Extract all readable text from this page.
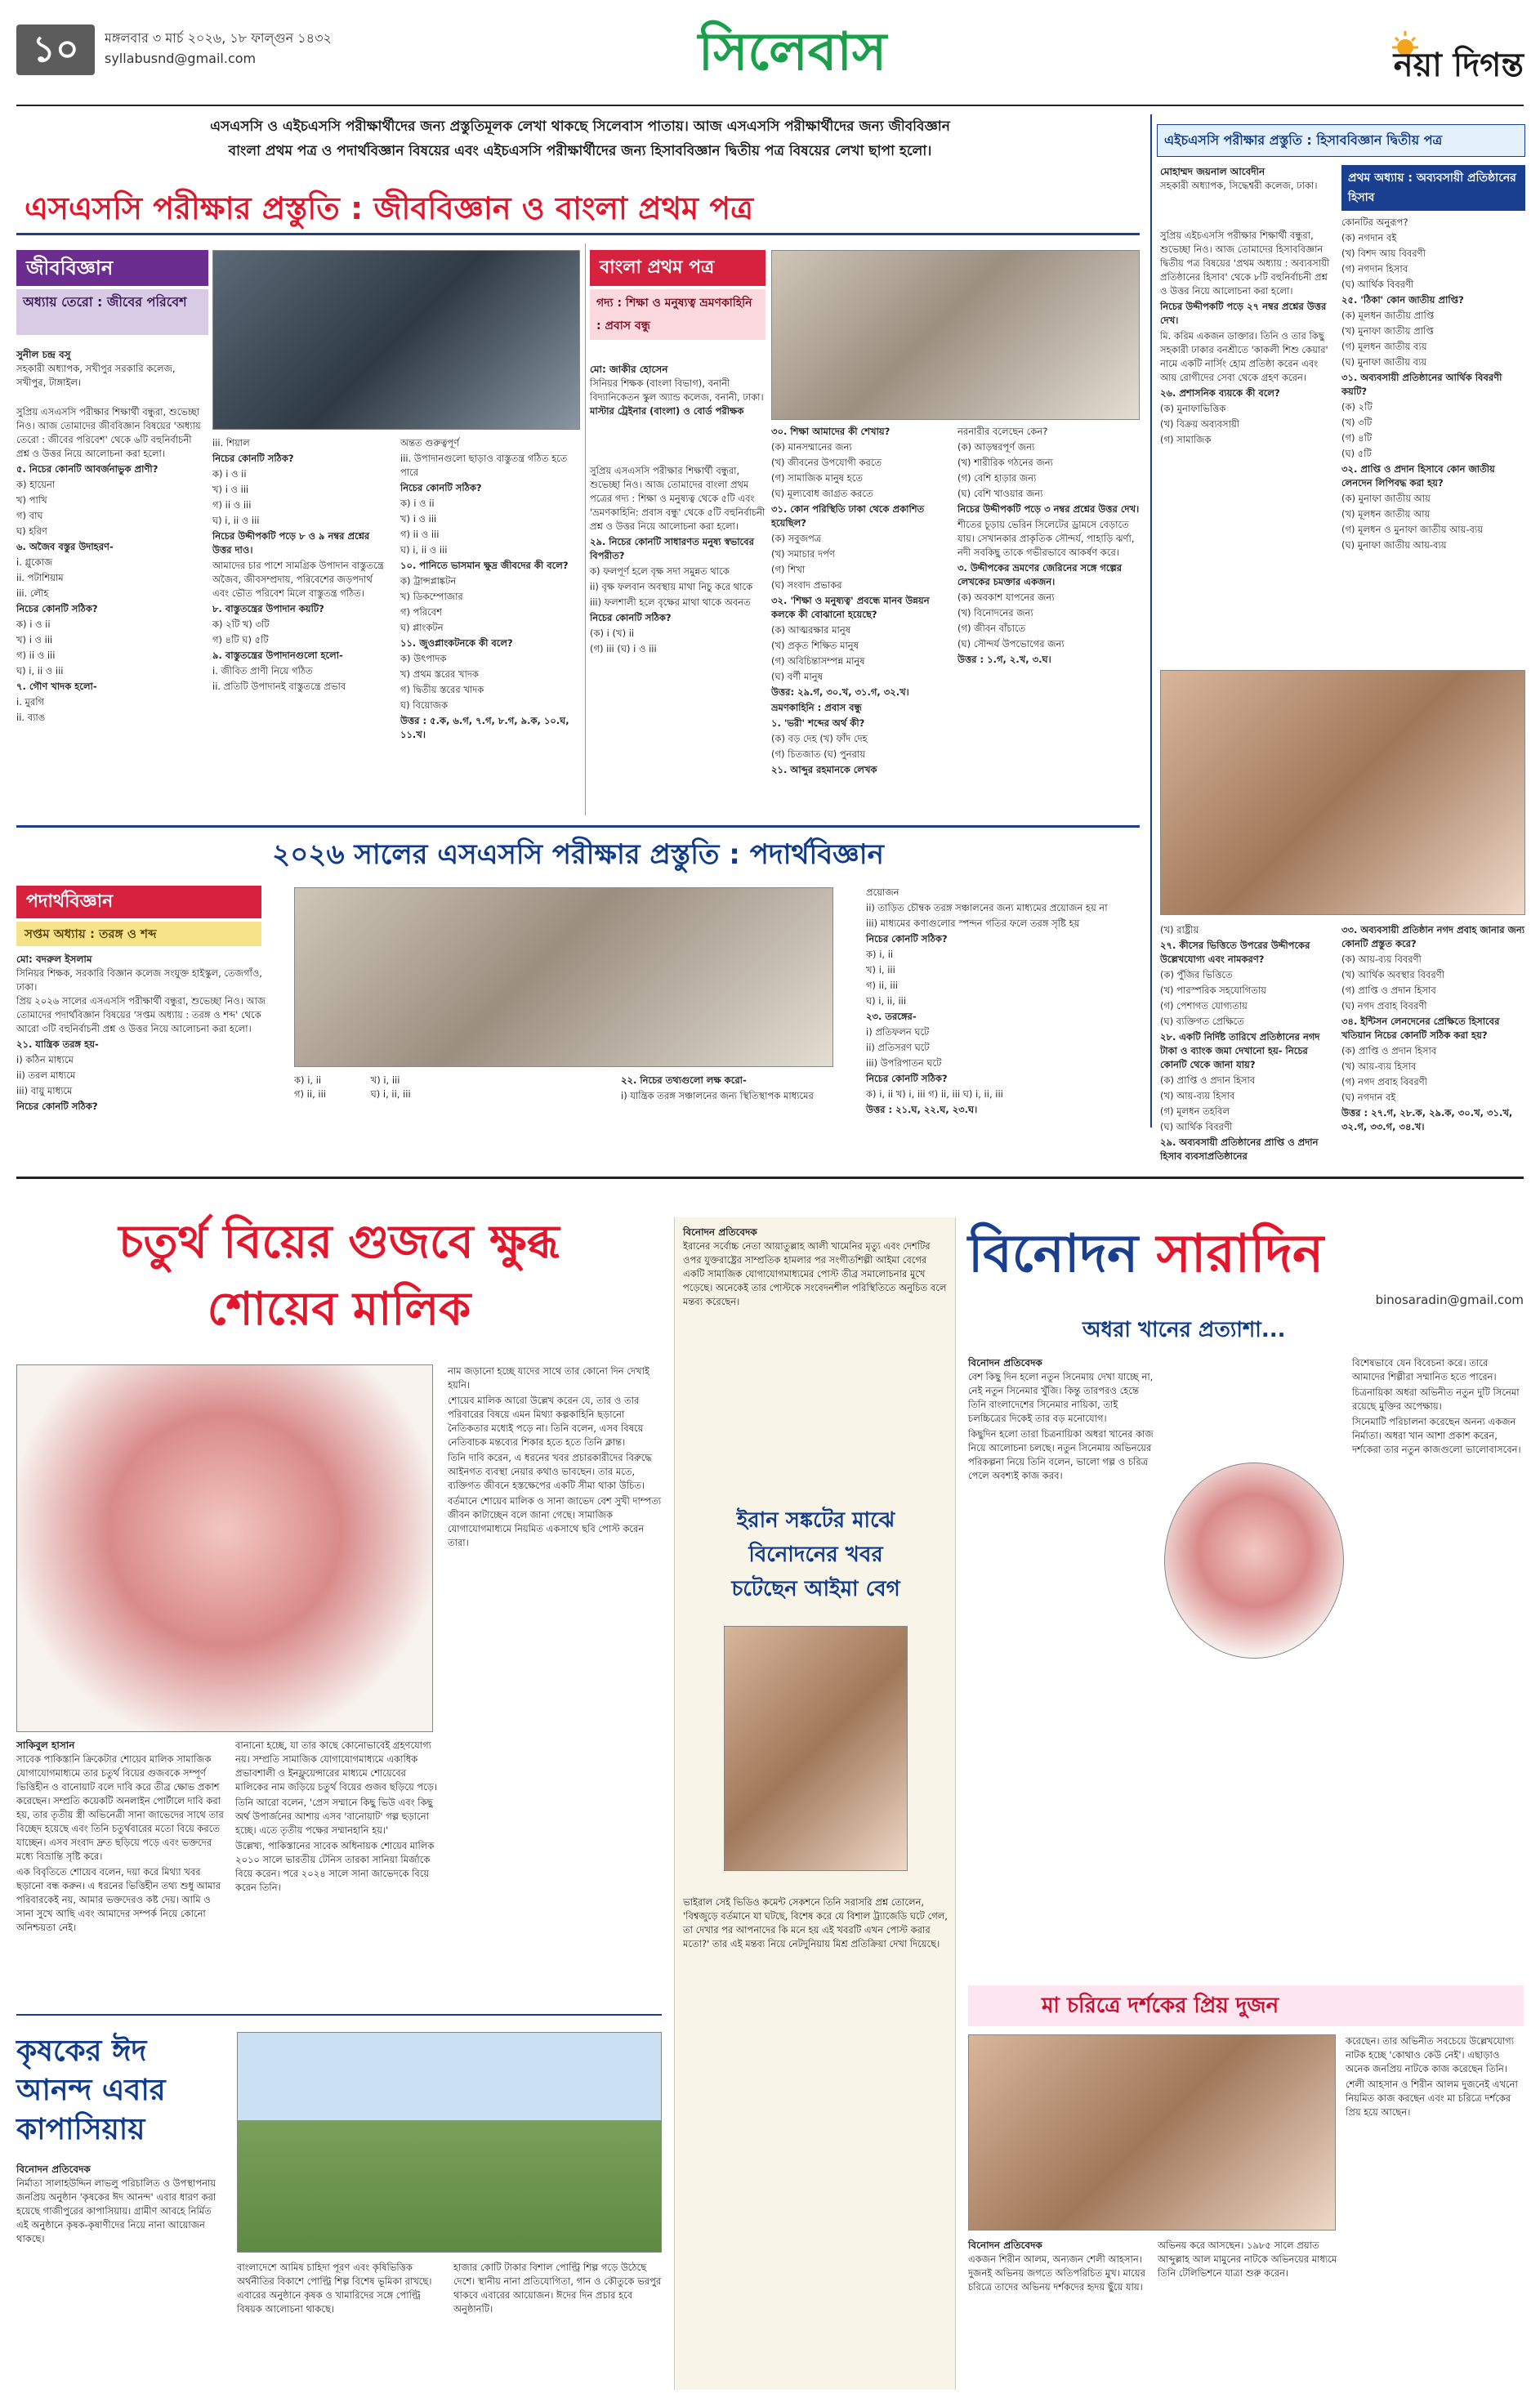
১০	মঙ্গলবার ৩ মার্চ ২০২৬, ১৮ ফাল্গুন ১৪৩২
syllabusnd@gmail.com	সিলেবাস	নয়া দিগন্ত
এসএসসি ও এইচএসসি পরীক্ষার্থীদের জন্য প্রস্তুতিমূলক লেখা থাকছে সিলেবাস পাতায়। আজ এসএসসি পরীক্ষার্থীদের জন্য জীববিজ্ঞান
বাংলা প্রথম পত্র ও পদার্থবিজ্ঞান বিষয়ের এবং এইচএসসি পরীক্ষার্থীদের জন্য হিসাববিজ্ঞান দ্বিতীয় পত্র বিষয়ের লেখা ছাপা হলো।
এসএসসি পরীক্ষার প্রস্তুতি : জীববিজ্ঞান ও বাংলা প্রথম পত্র
জীববিজ্ঞান
অধ্যায় তেরো : জীবের পরিবেশ
সুনীল চন্দ্র বসু
সহকারী অধ্যাপক, সখীপুর সরকারি কলেজ, সখীপুর, টাঙ্গাইল।

সুপ্রিয় এসএসসি পরীক্ষার শিক্ষার্থী বন্ধুরা, শুভেচ্ছা নিও। আজ তোমাদের জীববিজ্ঞান বিষয়ের 'অধ্যায় তেরো : জীবের পরিবেশ' থেকে ৬টি বহুনির্বাচনী প্রশ্ন ও উত্তর নিয়ে আলোচনা করা হলো।

৫. নিচের কোনটি আবর্জনাভুক প্রাণী?

ক) হায়েনা

খ) পাখি

গ) বাঘ

ঘ) হরিণ

৬. অজৈব বস্তুর উদাহরণ-

i. গ্লুকোজ

ii. পটাশিয়াম

iii. লৌহ

নিচের কোনটি সঠিক?

ক) i ও ii

খ) i ও iii

গ) ii ও iii

ঘ) i, ii ও iii

৭. গৌণ খাদক হলো-

i. মুরগি

ii. ব্যাঙ

iii. শিয়াল

নিচের কোনটি সঠিক?

ক) i ও ii

খ) i ও iii

গ) ii ও iii

ঘ) i, ii ও iii

নিচের উদ্দীপকটি পড়ে ৮ ও ৯ নম্বর প্রশ্নের উত্তর দাও।

আমাদের চার পাশে সামগ্রিক উপাদান বাস্তুতন্ত্রে অজৈব, জীবসম্প্রদায়, পরিবেশের জড়পদার্থ এবং ভৌত পরিবেশ মিলে বাস্তুতন্ত্র গঠিত।

৮. বাস্তুতন্ত্রের উপাদান কয়টি?

ক) ২টি খ) ৩টি

গ) ৪টি ঘ) ৫টি

৯. বাস্তুতন্ত্রের উপাদানগুলো হলো-

i. জীবিত প্রাণী নিয়ে গঠিত

ii. প্রতিটি উপাদানই বাস্তুতন্ত্রে প্রভাব

অন্তত গুরুত্বপূর্ণ

iii. উপাদানগুলো ছাড়াও বাস্তুতন্ত্র গঠিত হতে পারে

নিচের কোনটি সঠিক?

ক) i ও ii

খ) i ও iii

গ) ii ও iii

ঘ) i, ii ও iii

১০. পানিতে ভাসমান ক্ষুদ্র জীবদের কী বলে?

ক) ট্রান্সপ্লাঙ্কটন

খ) ডিকম্পোজার

গ) পরিবেশ

ঘ) প্লাংকটন

১১. জুওপ্লাংকটনকে কী বলে?

ক) উৎপাদক

খ) প্রথম স্তরের খাদক

গ) দ্বিতীয় স্তরের খাদক

ঘ) বিয়োজক

উত্তর : ৫.ক, ৬.গ, ৭.গ, ৮.গ, ৯.ক, ১০.ঘ, ১১.খ।

বাংলা প্রথম পত্র
গদ্য : শিক্ষা ও মনুষ্যত্ব ভ্রমণকাহিনি : প্রবাস বন্ধু
মো: জাকীর হোসেন
সিনিয়র শিক্ষক (বাংলা বিভাগ), বনানী বিদ্যানিকেতন স্কুল অ্যান্ড কলেজ, বনানী, ঢাকা।
মাস্টার ট্রেইনার (বাংলা) ও বোর্ড পরীক্ষক

সুপ্রিয় এসএসসি পরীক্ষার শিক্ষার্থী বন্ধুরা, শুভেচ্ছা নিও। আজ তোমাদের বাংলা প্রথম পত্রের গদ্য : শিক্ষা ও মনুষ্যত্ব থেকে ৫টি এবং 'ভ্রমণকাহিনি: প্রবাস বন্ধু' থেকে ৫টি বহুনির্বাচনী প্রশ্ন ও উত্তর নিয়ে আলোচনা করা হলো।

২৯. নিচের কোনটি সাধারণত মনুষ্য স্বভাবের বিপরীত?

ক) ফলপূর্ণ হলে বৃক্ষ সদা সমুন্নত থাকে

ii) বৃক্ষ ফলবান অবস্থায় মাথা নিচু করে থাকে

iii) ফলশালী হলে বৃক্ষের মাথা থাকে অবনত

নিচের কোনটি সঠিক?

(ক) i (খ) ii

(গ) iii (ঘ) i ও iii

৩০. শিক্ষা আমাদের কী শেখায়?

(ক) মানসম্মানের জন্য

(খ) জীবনের উপযোগী করতে

(গ) সামাজিক মানুষ হতে

(ঘ) মূল্যবোধ জাগ্রত করতে

৩১. কোন পরিস্থিতি ঢাকা থেকে প্রকাশিত হয়েছিল?

(ক) সবুজপত্র

(খ) সমাচার দর্পণ

(গ) শিখা

(ঘ) সংবাদ প্রভাকর

৩২. 'শিক্ষা ও মনুষ্যত্ব' প্রবন্ধে মানব উন্নয়ন কলকে কী বোঝানো হয়েছে?

(ক) আত্মরক্ষার মানুষ

(খ) প্রকৃত শিক্ষিত মানুষ

(গ) অবিচিন্তাসম্পন্ন মানুষ

(ঘ) বর্ণী মানুষ

উত্তর: ২৯.গ, ৩০.খ, ৩১.গ, ৩২.খ।

ভ্রমণকাহিনি : প্রবাস বন্ধু

১. 'ভরী' শব্দের অর্থ কী?

(ক) বড় দেহ (খ) ফাঁদ দেহ

(গ) চিতজাত (ঘ) পুনরায়

২১. আব্দুর রহমানকে লেখক

নরনারীর বলেছেন কেন?

(ক) আড়ম্বরপূর্ণ জন্য

(খ) শারীরিক গঠনের জন্য

(গ) বেশি হাড়ার জন্য

(ঘ) বেশি খাওয়ার জন্য

নিচের উদ্দীপকটি পড়ে ৩ নম্বর প্রশ্নের উত্তর দেখ।

শীতের চূড়ায় ভেরিন সিলেটের ড্রামসে বেড়াতে যায়। সেখানকার প্রাকৃতিক সৌন্দর্য, পাহাড়ি ঝর্ণা, নদী সবকিছু তাকে গভীরভাবে আকর্ষণ করে।

৩. উদ্দীপকের ভ্রমণের জেরিনের সঙ্গে গল্পের লেখকের চমক্তার একজন।

(ক) অবকাশ যাপনের জন্য

(খ) বিনোদনের জন্য

(গ) জীবন বাঁচাতে

(ঘ) সৌন্দর্য উপভোগের জন্য

উত্তর : ১.গ, ২.খ, ৩.ঘ।

এইচএসসি পরীক্ষার প্রস্তুতি : হিসাববিজ্ঞান দ্বিতীয় পত্র
মোহাম্মদ জয়নাল আবেদীন
সহকারী অধ্যাপক, সিদ্ধেশ্বরী কলেজ, ঢাকা।
প্রথম অধ্যায় : অব্যবসায়ী প্রতিষ্ঠানের হিসাব

সুপ্রিয় এইচএসসি পরীক্ষার শিক্ষার্থী বন্ধুরা, শুভেচ্ছা নিও। আজ তোমাদের হিসাববিজ্ঞান দ্বিতীয় পত্র বিষয়ের 'প্রথম অধ্যায় : অব্যবসায়ী প্রতিষ্ঠানের হিসাব' থেকে ৮টি বহুনির্বাচনী প্রশ্ন ও উত্তর নিয়ে আলোচনা করা হলো।

নিচের উদ্দীপকটি পড়ে ২৭ নম্বর প্রশ্নের উত্তর দেখ।

মি. করিম একজন ডাক্তার। তিনি ও তার কিছু সহকারী ঢাকার বনশ্রীতে 'কাকলী শিশু কেয়ার' নামে একটি নার্সিং হোম প্রতিষ্ঠা করেন এবং আয় রোগীদের সেবা থেকে গ্রহণ করেন।

২৬. প্রশাসনিক ব্যয়কে কী বলে?

(ক) মুনাফাভিত্তিক

(খ) বিক্রয় অব্যবসায়ী

(গ) সামাজিক

কোনটির অনুরূপ?

(ক) নগদান বই

(খ) বিশদ আয় বিবরণী

(গ) নগদান হিসাব

(ঘ) আর্থিক বিবরণী

২৫. 'ঠিকা' কোন জাতীয় প্রাপ্তি?

(ক) মূলধন জাতীয় প্রাপ্তি

(খ) মুনাফা জাতীয় প্রাপ্তি

(গ) মূলধন জাতীয় ব্যয়

(ঘ) মুনাফা জাতীয় ব্যয়

৩১. অব্যবসায়ী প্রতিষ্ঠানের আর্থিক বিবরণী কয়টি?

(ক) ২টি

(খ) ৩টি

(গ) ৪টি

(ঘ) ৫টি

৩২. প্রাপ্তি ও প্রদান হিসাবে কোন জাতীয় লেনদেন লিপিবদ্ধ করা হয়?

(ক) মুনাফা জাতীয় আয়

(খ) মূলধন জাতীয় আয়

(গ) মূলধন ও মুনাফা জাতীয় আয়-ব্যয়

(ঘ) মুনাফা জাতীয় আয়-ব্যয়

(খ) রাষ্ট্রীয়

২৭. কীসের ভিত্তিতে উপরের উদ্দীপকের উল্লেখযোগ্য এবং নামকরণ?

(ক) পুঁজির ভিত্তিতে

(খ) পারস্পরিক সহযোগিতায়

(গ) পেশাগত যোগ্যতায়

(ঘ) ব্যক্তিগত প্রেক্ষিতে

২৮. একটি নির্দিষ্ট তারিখে প্রতিষ্ঠানের নগদ টাকা ও ব্যাংক জমা দেখানো হয়- নিচের কোনটি থেকে জানা যায়?

(ক) প্রাপ্তি ও প্রদান হিসাব

(খ) আয়-ব্যয় হিসাব

(গ) মূলধন তহবিল

(ঘ) আর্থিক বিবরণী

২৯. অব্যবসায়ী প্রতিষ্ঠানের প্রাপ্তি ও প্রদান হিসাব ব্যবসাপ্রতিষ্ঠানের

৩৩. অব্যবসায়ী প্রতিষ্ঠান নগদ প্রবাহ জানার জন্য কোনটি প্রস্তুত করে?

(ক) আয়-ব্যয় বিবরণী

(খ) আর্থিক অবস্থার বিবরণী

(গ) প্রাপ্তি ও প্রদান হিসাব

(ঘ) নগদ প্রবাহ বিবরণী

৩৪. ইন্টিসন লেনদেনের প্রেক্ষিতে হিসাবের খতিয়ান নিচের কোনটি সঠিক করা হয়?

(ক) প্রাপ্তি ও প্রদান হিসাব

(খ) আয়-ব্যয় হিসাব

(গ) নগদ প্রবাহ বিবরণী

(ঘ) নগদান বই

উত্তর : ২৭.গ, ২৮.ক, ২৯.ক, ৩০.খ, ৩১.খ, ৩২.গ, ৩৩.গ, ৩৪.খ।

২০২৬ সালের এসএসসি পরীক্ষার প্রস্তুতি : পদার্থবিজ্ঞান
পদার্থবিজ্ঞান
সপ্তম অধ্যায় : তরঙ্গ ও শব্দ
মো: বদরুল ইসলাম
সিনিয়র শিক্ষক, সরকারি বিজ্ঞান কলেজ সংযুক্ত হাইস্কুল, তেজগাঁও, ঢাকা।

প্রিয় ২০২৬ সালের এসএসসি পরীক্ষার্থী বন্ধুরা, শুভেচ্ছা নিও। আজ তোমাদের পদার্থবিজ্ঞান বিষয়ের 'সপ্তম অধ্যায় : তরঙ্গ ও শব্দ' থেকে আরো ৩টি বহুনির্বাচনী প্রশ্ন ও উত্তর নিয়ে আলোচনা করা হলো।

২১. যান্ত্রিক তরঙ্গ হয়-

i) কঠিন মাধ্যমে

ii) তরল মাধ্যমে

iii) বায়ু মাধ্যমে

নিচের কোনটি সঠিক?

ক) i, ii	খ) i, iii
গ) ii, iii	ঘ) i, ii, iii

২২. নিচের তথ্যগুলো লক্ষ করো-

i) যান্ত্রিক তরঙ্গ সঞ্চালনের জন্য স্থিতিস্থাপক মাধ্যমের

প্রয়োজন

ii) তাড়িত চৌম্বক তরঙ্গ সঞ্চালনের জন্য মাধ্যমের প্রয়োজন হয় না

iii) মাধ্যমের কণাগুলোর স্পন্দন গতির ফলে তরঙ্গ সৃষ্টি হয়

নিচের কোনটি সঠিক?

ক) i, ii

খ) i, iii

গ) ii, iii

ঘ) i, ii, iii

২৩. তরঙ্গের-

i) প্রতিফলন ঘটে

ii) প্রতিসরণ ঘটে

iii) উপরিপাতন ঘটে

নিচের কোনটি সঠিক?

ক) i, ii খ) i, iii গ) ii, iii ঘ) i, ii, iii

উত্তর : ২১.ঘ, ২২.ঘ, ২৩.ঘ।

চতুর্থ বিয়ের গুজবে ক্ষুব্ধ
শোয়েব মালিক
সাকিবুল হাসান

সাবেক পাকিস্তানি ক্রিকেটার শোয়েব মালিক সামাজিক যোগাযোগমাধ্যমে তার চতুর্থ বিয়ের গুজবকে সম্পূর্ণ ভিত্তিহীন ও বানোয়াট বলে দাবি করে তীব্র ক্ষোভ প্রকাশ করেছেন। সম্প্রতি কয়েকটি অনলাইন পোর্টালে দাবি করা হয়, তার তৃতীয় স্ত্রী অভিনেত্রী সানা জাভেদের সাথে তার বিচ্ছেদ হয়েছে এবং তিনি চতুর্থবারের মতো বিয়ে করতে যাচ্ছেন। এসব সংবাদ দ্রুত ছড়িয়ে পড়ে এবং ভক্তদের মধ্যে বিভ্রান্তি সৃষ্টি করে।

এক বিবৃতিতে শোয়েব বলেন, দয়া করে মিথ্যা খবর ছড়ানো বন্ধ করুন। এ ধরনের ভিত্তিহীন তথ্য শুধু আমার পরিবারকেই নয়, আমার ভক্তদেরও কষ্ট দেয়। আমি ও সানা সুখে আছি এবং আমাদের সম্পর্ক নিয়ে কোনো অনিশ্চয়তা নেই।

বানানো হচ্ছে, যা তার কাছে কোনোভাবেই গ্রহণযোগ্য নয়। সম্প্রতি সামাজিক যোগাযোগমাধ্যমে একাধিক প্রভাবশালী ও ইনফ্লুয়েন্সারের মাধ্যমে শোয়েবের মালিকের নাম জড়িয়ে চতুর্থ বিয়ের গুজব ছড়িয়ে পড়ে।

তিনি আরো বলেন, 'প্রেস সম্মানে কিছু ভিউ এবং কিছু অর্থ উপার্জনের আশায় এসব 'বানোয়াট' গল্প ছড়ানো হচ্ছে। এতে তৃতীয় পক্ষের সম্মানহানি হয়।'

উল্লেখ্য, পাকিস্তানের সাবেক অধিনায়ক শোয়েব মালিক ২০১০ সালে ভারতীয় টেনিস তারকা সানিয়া মির্জাকে বিয়ে করেন। পরে ২০২৪ সালে সানা জাভেদকে বিয়ে করেন তিনি।

নাম জড়ানো হচ্ছে যাদের সাথে তার কোনো দিন দেখাই হয়নি।

শোয়েব মালিক আরো উল্লেখ করেন যে, তার ও তার পরিবারের বিষয়ে এমন মিথ্যা কল্পকাহিনি ছড়ানো নৈতিকতার মধ্যেই পড়ে না। তিনি বলেন, এসব বিষয়ে নেতিবাচক মন্তব্যের শিকার হতে হতে তিনি ক্লান্ত।

তিনি দাবি করেন, এ ধরনের খবর প্রচারকারীদের বিরুদ্ধে আইনগত ব্যবস্থা নেয়ার কথাও ভাবছেন। তার মতে, ব্যক্তিগত জীবনে হস্তক্ষেপের একটি সীমা থাকা উচিত।

বর্তমানে শোয়েব মালিক ও সানা জাভেদ বেশ সুখী দাম্পত্য জীবন কাটাচ্ছেন বলে জানা গেছে। সামাজিক যোগাযোগমাধ্যমে নিয়মিত একসাথে ছবি পোস্ট করেন তারা।

কৃষকের ঈদ
আনন্দ এবার
কাপাসিয়ায়
বিনোদন প্রতিবেদক

নির্মাতা সালাহউদ্দিন লাভলু পরিচালিত ও উপস্থাপনায় জনপ্রিয় অনুষ্ঠান 'কৃষকের ঈদ আনন্দ' এবার ধারণ করা হয়েছে গাজীপুরের কাপাসিয়ায়। গ্রামীণ আবহে নির্মিত এই অনুষ্ঠানে কৃষক-কৃষাণীদের নিয়ে নানা আয়োজন থাকছে।

বাংলাদেশে আমিষ চাহিদা পূরণ এবং কৃষিভিত্তিক অর্থনীতির বিকাশে পোল্ট্রি শিল্প বিশেষ ভূমিকা রাখছে। এবারের অনুষ্ঠানে কৃষক ও খামারিদের সঙ্গে পোল্ট্রি বিষয়ক আলোচনা থাকছে।

হাজার কোটি টাকার বিশাল পোল্ট্রি শিল্প গড়ে উঠেছে দেশে। স্থানীয় নানা প্রতিযোগিতা, গান ও কৌতুকে ভরপুর থাকবে এবারের আয়োজন। ঈদের দিন প্রচার হবে অনুষ্ঠানটি।

বিনোদন প্রতিবেদক

ইরানের সর্বোচ্চ নেতা আয়াতুল্লাহ আলী খামেনির মৃত্যু এবং দেশটির ওপর যুক্তরাষ্ট্রের সাম্প্রতিক হামলার পর সংগীতশিল্পী আইমা বেগের একটি সামাজিক যোগাযোগমাধ্যমের পোস্ট তীব্র সমালোচনার মুখে পড়েছে। অনেকেই তার পোস্টকে সংবেদনশীল পরিস্থিতিতে অনুচিত বলে মন্তব্য করেছেন।

ইরান সঙ্কটের মাঝে
বিনোদনের খবর
চটেছেন আইমা বেগ

ভাইরাল সেই ভিডিও কমেন্ট সেকশনে তিনি সরাসরি প্রশ্ন তোলেন, 'বিশ্বজুড়ে বর্তমানে যা ঘটছে, বিশেষ করে যে বিশাল ট্র্যাজেডি ঘটে গেল, তা দেখার পর আপনাদের কি মনে হয় এই খবরটি এখন পোস্ট করার মতো?' তার এই মন্তব্য নিয়ে নেটদুনিয়ায় মিশ্র প্রতিক্রিয়া দেখা দিয়েছে।

বিনোদন সারাদিন
binosaradin@gmail.com
অধরা খানের প্রত্যাশা...
বিনোদন প্রতিবেদক

বেশ কিছু দিন হলো নতুন সিনেমায় দেখা যাচ্ছে না, নেই নতুন সিনেমার খুঁজি। কিন্তু তারপরও হেন্তে তিনি বাংলাদেশের সিনেমার নায়িকা, তাই চলচ্চিত্রের দিকেই তার বড় মনোযোগ।

কিছুদিন হলো তারা চিত্রনায়িকা অধরা খানের কাজ নিয়ে আলোচনা চলছে। নতুন সিনেমায় অভিনয়ের পরিকল্পনা নিয়ে তিনি বলেন, ভালো গল্প ও চরিত্র পেলে অবশ্যই কাজ করব।

বিশেষভাবে যেন বিবেচনা করে। তারে আমাদের শিল্পীরা সম্মানিত হতে পারেন।

চিত্রনায়িকা অধরা অভিনীত নতুন দুটি সিনেমা রয়েছে মুক্তির অপেক্ষায়।

সিনেমাটি পরিচালনা করেছেন অনন্য একজন নির্মাতা। অধরা খান আশা প্রকাশ করেন, দর্শকেরা তার নতুন কাজগুলো ভালোবাসবেন।

মা চরিত্রে দর্শকের প্রিয় দুজন
বিনোদন প্রতিবেদক

একজন শিরীন আলম, অন্যজন শেলী আহসান। দুজনই অভিনয় জগতে অতিপরিচিত মুখ। মায়ের চরিত্রে তাদের অভিনয় দর্শকদের হৃদয় ছুঁয়ে যায়।

অভিনয় করে আসছেন। ১৯৮৫ সালে প্রয়াত আব্দুল্লাহ আল মামুনের নাটকে অভিনয়ের মাধ্যমে তিনি টেলিভিশনে যাত্রা শুরু করেন।

করেছেন। তার অভিনীত সবচেয়ে উল্লেখযোগ্য নাটক হচ্ছে 'কোথাও কেউ নেই'। এছাড়াও অনেক জনপ্রিয় নাটকে কাজ করেছেন তিনি।

শেলী আহসান ও শিরীন আলম দুজনেই এখনো নিয়মিত কাজ করছেন এবং মা চরিত্রে দর্শকের প্রিয় হয়ে আছেন।
